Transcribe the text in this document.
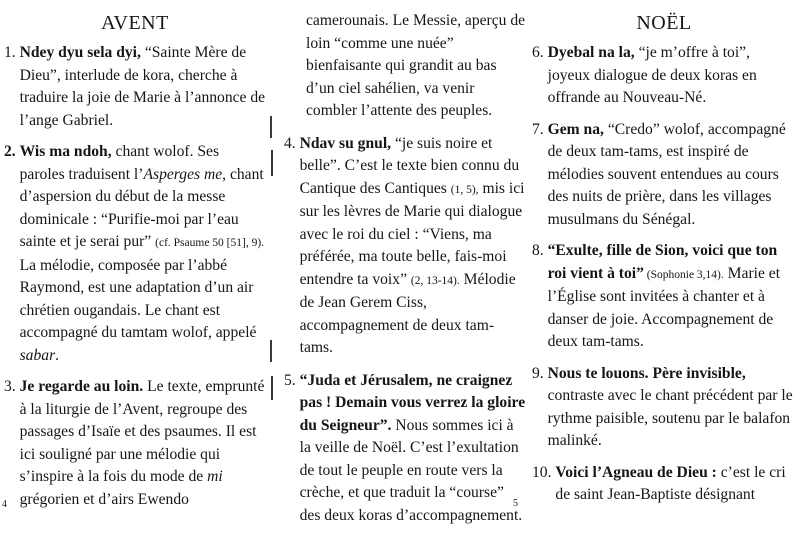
AVENT
1.
Ndey dyu sela dyi, “Sainte Mère de Dieu”, interlude de kora, cherche à traduire la joie de Marie à l’annonce de l’ange Gabriel.
2.
Wis ma ndoh, chant wolof. Ses paroles traduisent l’Asperges me, chant d’aspersion du début de la messe dominicale : “Purifie-moi par l’eau sainte et je serai pur” (cf. Psaume 50 [51], 9). La mélodie, composée par l’abbé Raymond, est une adaptation d’un air chrétien ougandais. Le chant est accompagné du tamtam wolof, appelé sabar.
3.
Je regarde au loin. Le texte, emprunté à la liturgie de l’Avent, regroupe des passages d’Isaïe et des psaumes. Il est ici souligné par une mélodie qui s’inspire à la fois du mode de mi grégorien et d’airs Ewendo
4
camerounais. Le Messie, aperçu de loin “comme une nuée” bienfaisante qui grandit au bas d’un ciel sahélien, va venir combler l’attente des peuples.
4.
Ndav su gnul, “je suis noire et belle”. C’est le texte bien connu du Cantique des Cantiques (1, 5), mis ici sur les lèvres de Marie qui dialogue avec le roi du ciel : “Viens, ma préférée, ma toute belle, fais-moi entendre ta voix” (2, 13-14). Mélodie de Jean Gerem Ciss, accompagnement de deux tam-tams.
5.
“Juda et Jérusalem, ne craignez pas ! Demain vous verrez la gloire du Seigneur”. Nous sommes ici à la veille de Noël. C’est l’exultation de tout le peuple en route vers la crèche, et que traduit la “course” des deux koras d’accompagnement.
5
NOËL
6.
Dyebal na la, “je m’offre à toi”, joyeux dialogue de deux koras en offrande au Nouveau-Né.
7.
Gem na, “Credo” wolof, accompagné de deux tam-tams, est inspiré de mélodies souvent entendues au cours des nuits de prière, dans les villages musulmans du Sénégal.
8.
“Exulte, fille de Sion, voici que ton roi vient à toi” (Sophonie 3,14). Marie et l’Église sont invitées à chanter et à danser de joie. Accompagnement de deux tam-tams.
9.
Nous te louons. Père invisible, contraste avec le chant précédent par le rythme paisible, soutenu par le balafon malinké.
10.
Voici l’Agneau de Dieu : c’est le cri de saint Jean-Baptiste désignant
